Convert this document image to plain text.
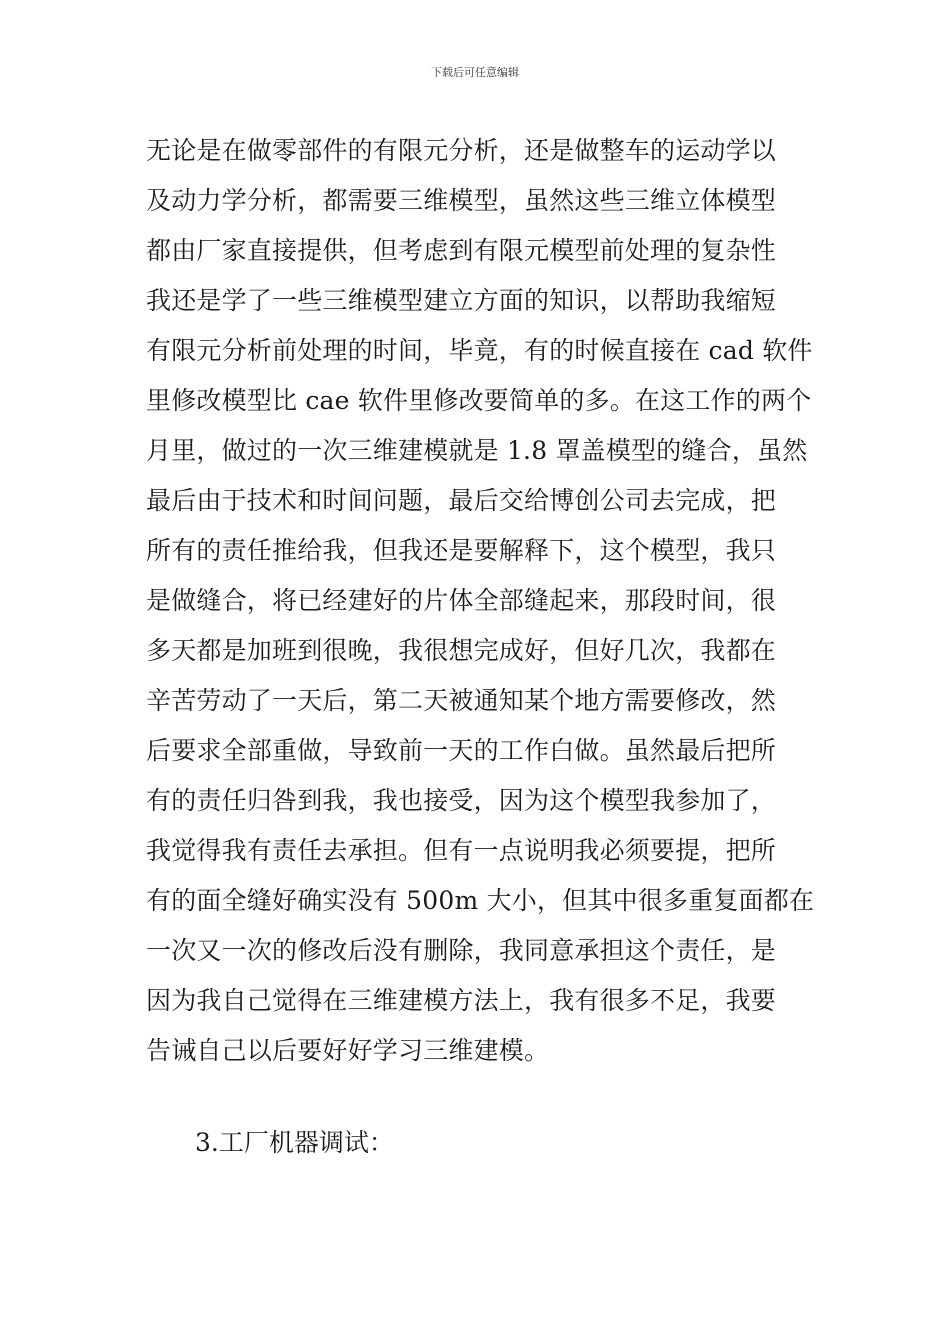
下载后可任意编辑
无论是在做零部件的有限元分析，还是做整车的运动学以
及动力学分析，都需要三维模型，虽然这些三维立体模型
都由厂家直接提供，但考虑到有限元模型前处理的复杂性
我还是学了一些三维模型建立方面的知识，以帮助我缩短
有限元分析前处理的时间，毕竟，有的时候直接在 cad 软件
里修改模型比 cae 软件里修改要简单的多。在这工作的两个
月里，做过的一次三维建模就是 1.8 罩盖模型的缝合，虽然
最后由于技术和时间问题，最后交给博创公司去完成，把
所有的责任推给我，但我还是要解释下，这个模型，我只
是做缝合，将已经建好的片体全部缝起来，那段时间，很
多天都是加班到很晚，我很想完成好，但好几次，我都在
辛苦劳动了一天后，第二天被通知某个地方需要修改，然
后要求全部重做，导致前一天的工作白做。虽然最后把所
有的责任归咎到我，我也接受，因为这个模型我参加了，
我觉得我有责任去承担。但有一点说明我必须要提，把所
有的面全缝好确实没有 500m 大小，但其中很多重复面都在
一次又一次的修改后没有删除，我同意承担这个责任，是
因为我自己觉得在三维建模方法上，我有很多不足，我要
告诫自己以后要好好学习三维建模。
3.工厂机器调试：
